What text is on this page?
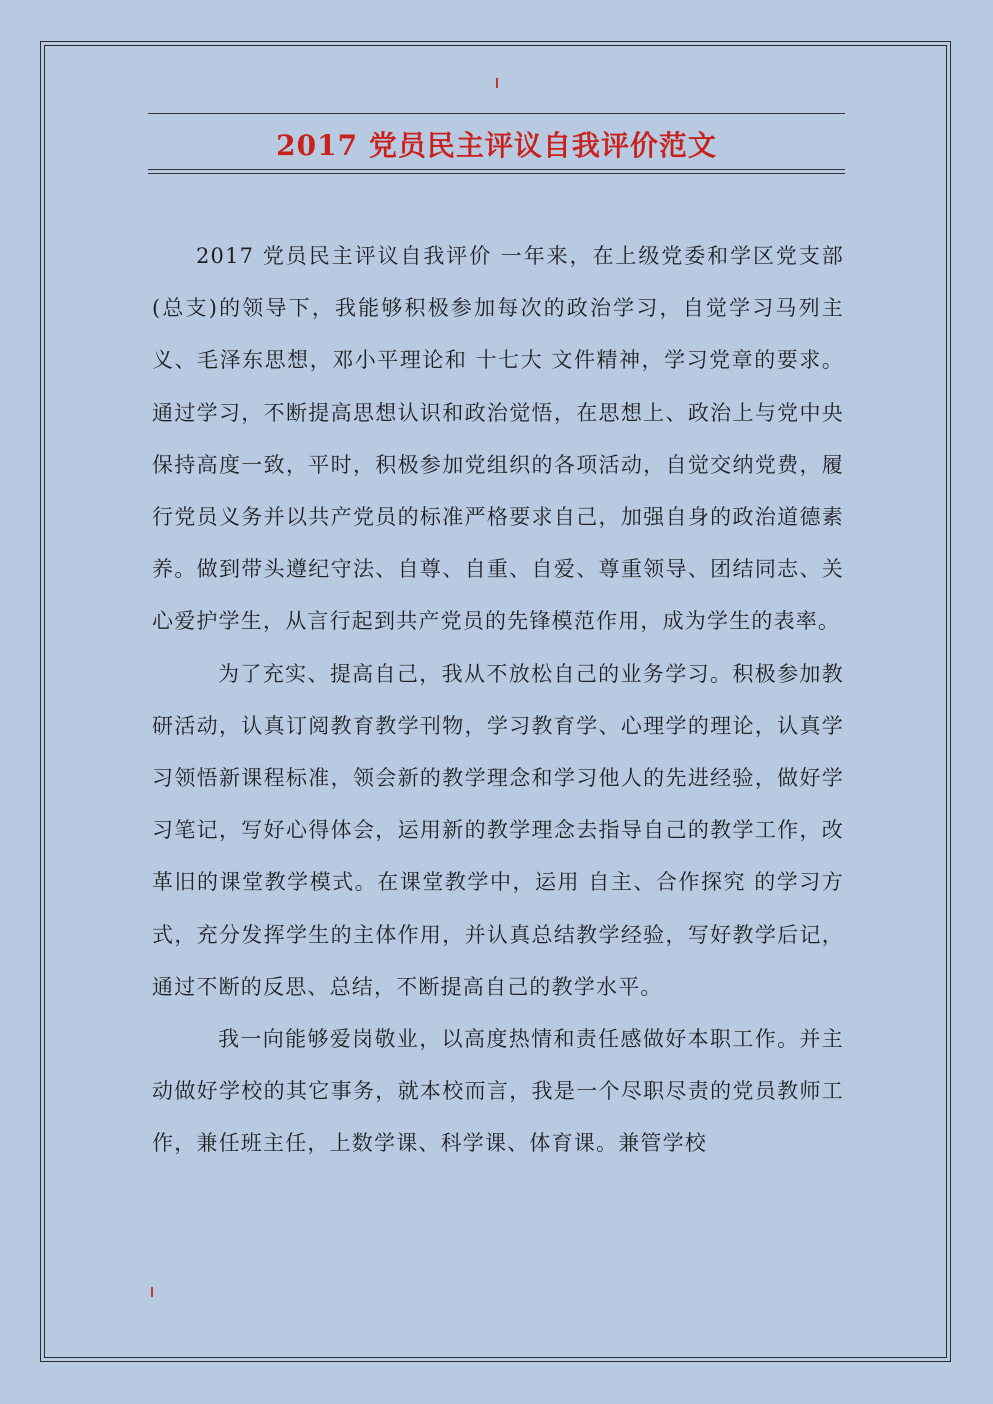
2017 党员民主评议自我评价范文

2017 党员民主评议自我评价 一年来，在上级党委和学区党支部(总支)的领导下，我能够积极参加每次的政治学习，自觉学习马列主义、毛泽东思想，邓小平理论和 十七大 文件精神，学习党章的要求。通过学习，不断提高思想认识和政治觉悟，在思想上、政治上与党中央保持高度一致，平时，积极参加党组织的各项活动，自觉交纳党费，履行党员义务并以共产党员的标准严格要求自己，加强自身的政治道德素养。做到带头遵纪守法、自尊、自重、自爱、尊重领导、团结同志、关心爱护学生，从言行起到共产党员的先锋模范作用，成为学生的表率。

为了充实、提高自己，我从不放松自己的业务学习。积极参加教研活动，认真订阅教育教学刊物，学习教育学、心理学的理论，认真学习领悟新课程标准，领会新的教学理念和学习他人的先进经验，做好学习笔记，写好心得体会，运用新的教学理念去指导自己的教学工作，改革旧的课堂教学模式。在课堂教学中，运用 自主、合作探究 的学习方式，充分发挥学生的主体作用，并认真总结教学经验，写好教学后记，通过不断的反思、总结，不断提高自己的教学水平。

我一向能够爱岗敬业，以高度热情和责任感做好本职工作。并主动做好学校的其它事务，就本校而言，我是一个尽职尽责的党员教师工作，兼任班主任，上数学课、科学课、体育课。兼管学校
